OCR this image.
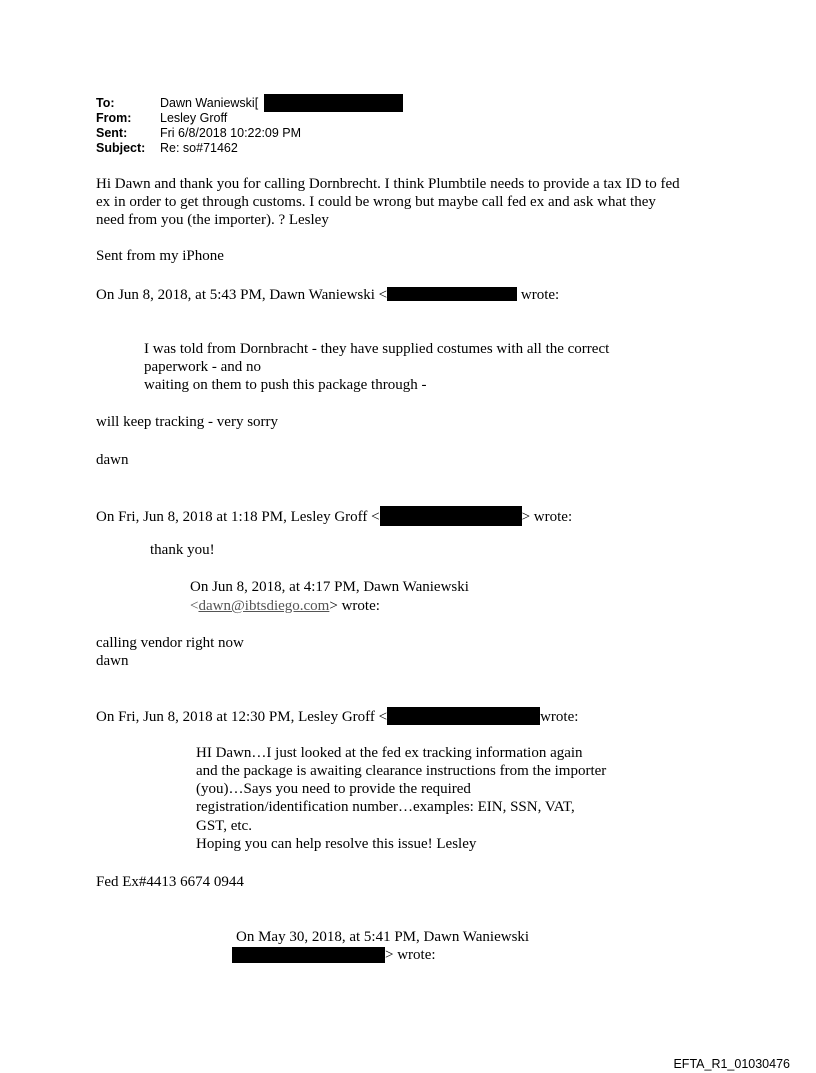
To:	Dawn Waniewski[
From: Lesley Groff
Sent:	Fri 6/8/2018 10:22:09 PM
Subject: Re: so#71462
Hi Dawn and thank you for calling Dornbrecht. I think Plumbtile needs to provide a tax ID to fed
ex in order to get through customs. I could be wrong but maybe call fed ex and ask what they
need from you (the importer). ? Lesley
Sent from my iPhone
On Jun 8, 2018, at 5:43 PM, Dawn Waniewski <	wrote:
I was told from Dornbracht - they have supplied costumes with all the correct
paperwork - and no
waiting on them to push this package through -
will keep tracking - very sorry
dawn
On Fri, Jun 8, 2018 at 1:18 PM, Lesley Groff <	> wrote:
thank you!
On Jun 8, 2018, at 4:17 PM, Dawn Waniewski
<dawn@ibtsdiego.com> wrote:
calling vendor right now
dawn
On Fri, Jun 8, 2018 at 12:30 PM, Lesley Groff <	wrote:
HI Dawn…I just looked at the fed ex tracking information again
and the package is awaiting clearance instructions from the importer
(you)…Says you need to provide the required
registration/identification number…examples: EIN, SSN, VAT,
GST, etc.
Hoping you can help resolve this issue! Lesley
Fed Ex#4413 6674 0944
On May 30, 2018, at 5:41 PM, Dawn Waniewski
> wrote:
EFTA_R1_01030476
